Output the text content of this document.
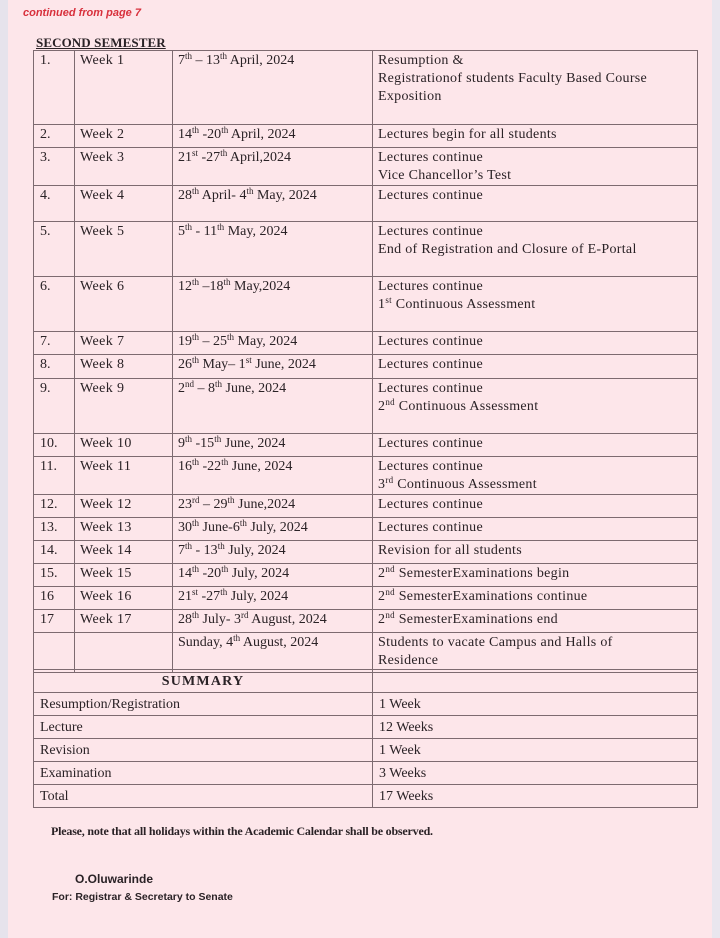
continued from page 7
SECOND SEMESTER
1.	Week 1	7th – 13th April, 2024	Resumption &
Registrationof students Faculty Based Course
Exposition

2.	Week 2	14th -20th April, 2024	Lectures begin for all students

3.	Week 3	21st -27th April,2024	Lectures continue
Vice Chancellor’s Test

4.	Week 4	28th April- 4th May, 2024	Lectures continue

5.	Week 5	5th - 11th May, 2024	Lectures continue
End of Registration and Closure of E-Portal

6.	Week 6	12th –18th May,2024	Lectures continue
1st Continuous Assessment

7.	Week 7	19th – 25th May, 2024	Lectures continue

8.	Week 8	26th May– 1st June, 2024	Lectures continue

9.	Week 9	2nd – 8th June, 2024	Lectures continue
2nd Continuous Assessment

10.	Week 10	9th -15th June, 2024	Lectures continue

11.	Week 11	16th -22th June, 2024	Lectures continue
3rd Continuous Assessment

12.	Week 12	23rd – 29th June,2024	Lectures continue

13.	Week 13	30th June-6th July, 2024	Lectures continue

14.	Week 14	7th - 13th July, 2024	Revision for all students

15.	Week 15	14th -20th July, 2024	2nd SemesterExaminations begin

16	Week 16	21st -27th July, 2024	2nd SemesterExaminations continue

17	Week 17	28th July- 3rd August, 2024	2nd SemesterExaminations end

		Sunday, 4th August, 2024	Students to vacate Campus and Halls of
Residence
SUMMARY	
Resumption/Registration	1 Week
Lecture	12 Weeks
Revision	1 Week
Examination	3 Weeks
Total	17 Weeks
Please, note that all holidays within the Academic Calendar shall be observed.
O.Oluwarinde
For: Registrar & Secretary to Senate
